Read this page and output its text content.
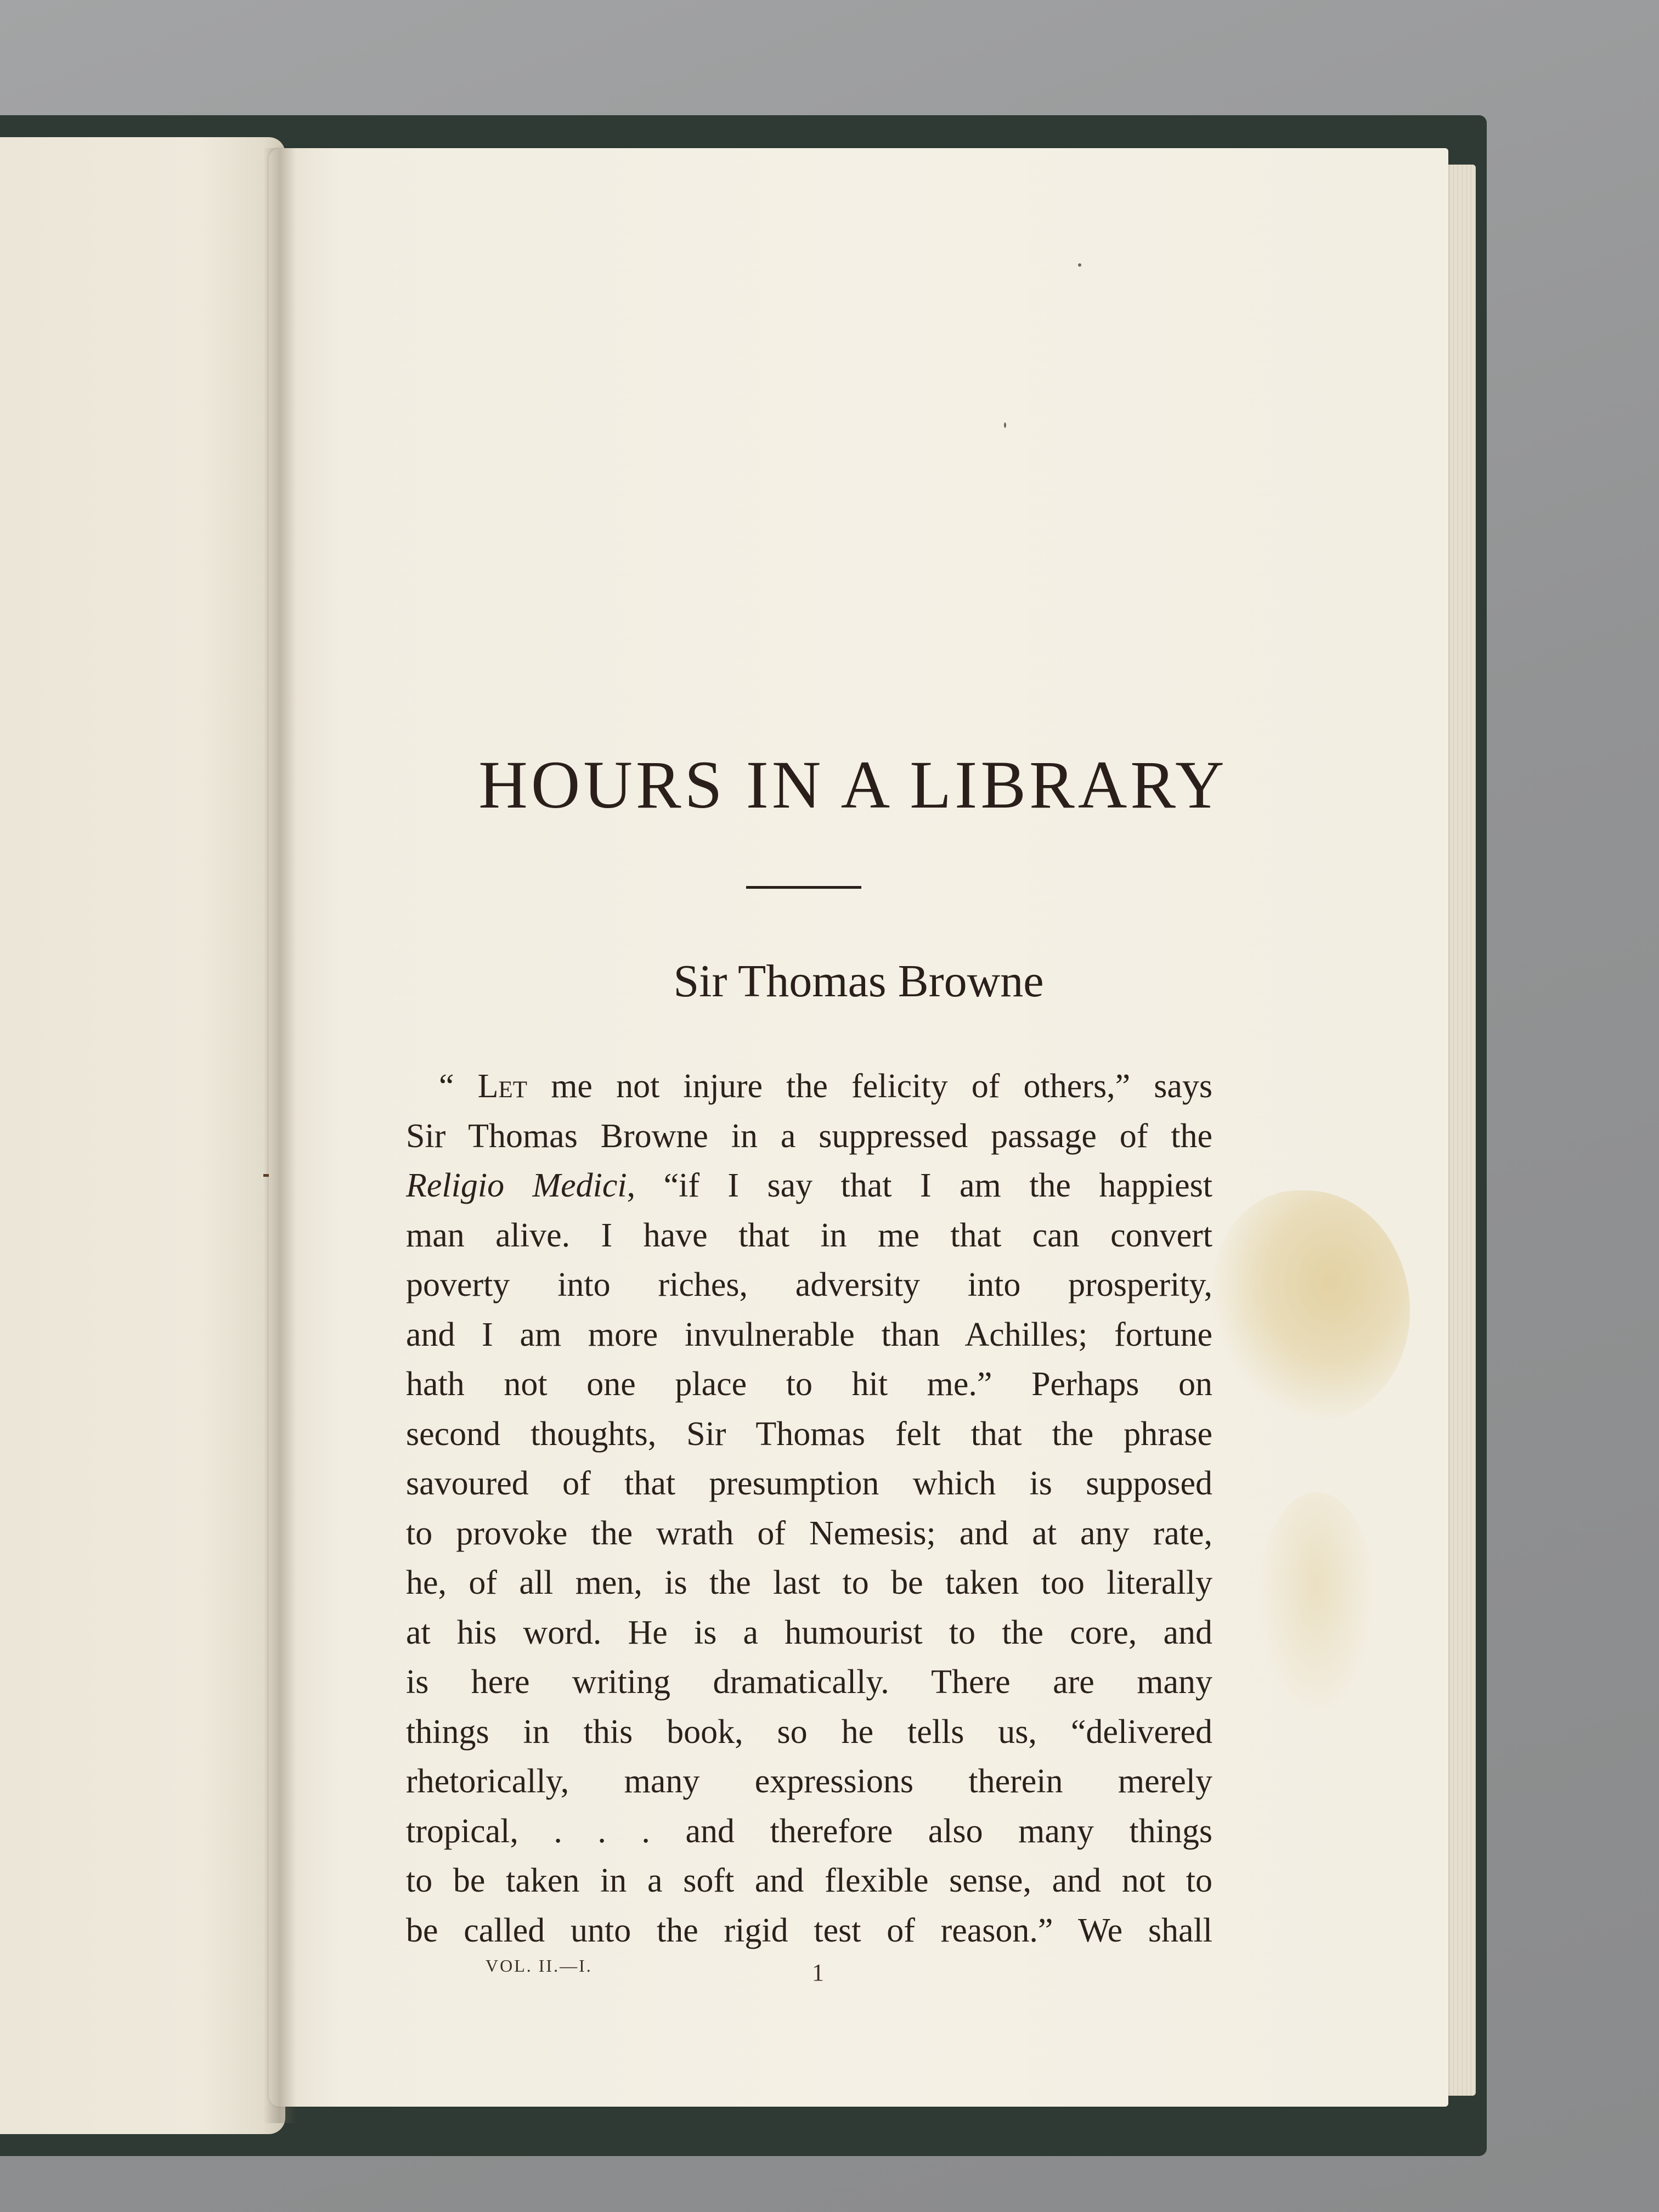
HOURS IN A LIBRARY
Sir Thomas Browne
“ Let me not injure the felicity of others,” says
Sir Thomas Browne in a suppressed passage of the
Religio Medici, “if I say that I am the happiest
man alive. I have that in me that can convert
poverty into riches, adversity into prosperity,
and I am more invulnerable than Achilles; fortune
hath not one place to hit me.” Perhaps on
second thoughts, Sir Thomas felt that the phrase
savoured of that presumption which is supposed
to provoke the wrath of Nemesis; and at any rate,
he, of all men, is the last to be taken too literally
at his word. He is a humourist to the core, and
is here writing dramatically. There are many
things in this book, so he tells us, “delivered
rhetorically, many expressions therein merely
tropical, . . . and therefore also many things
to be taken in a soft and flexible sense, and not to
be called unto the rigid test of reason.” We shall
VOL. II.—I.	1
